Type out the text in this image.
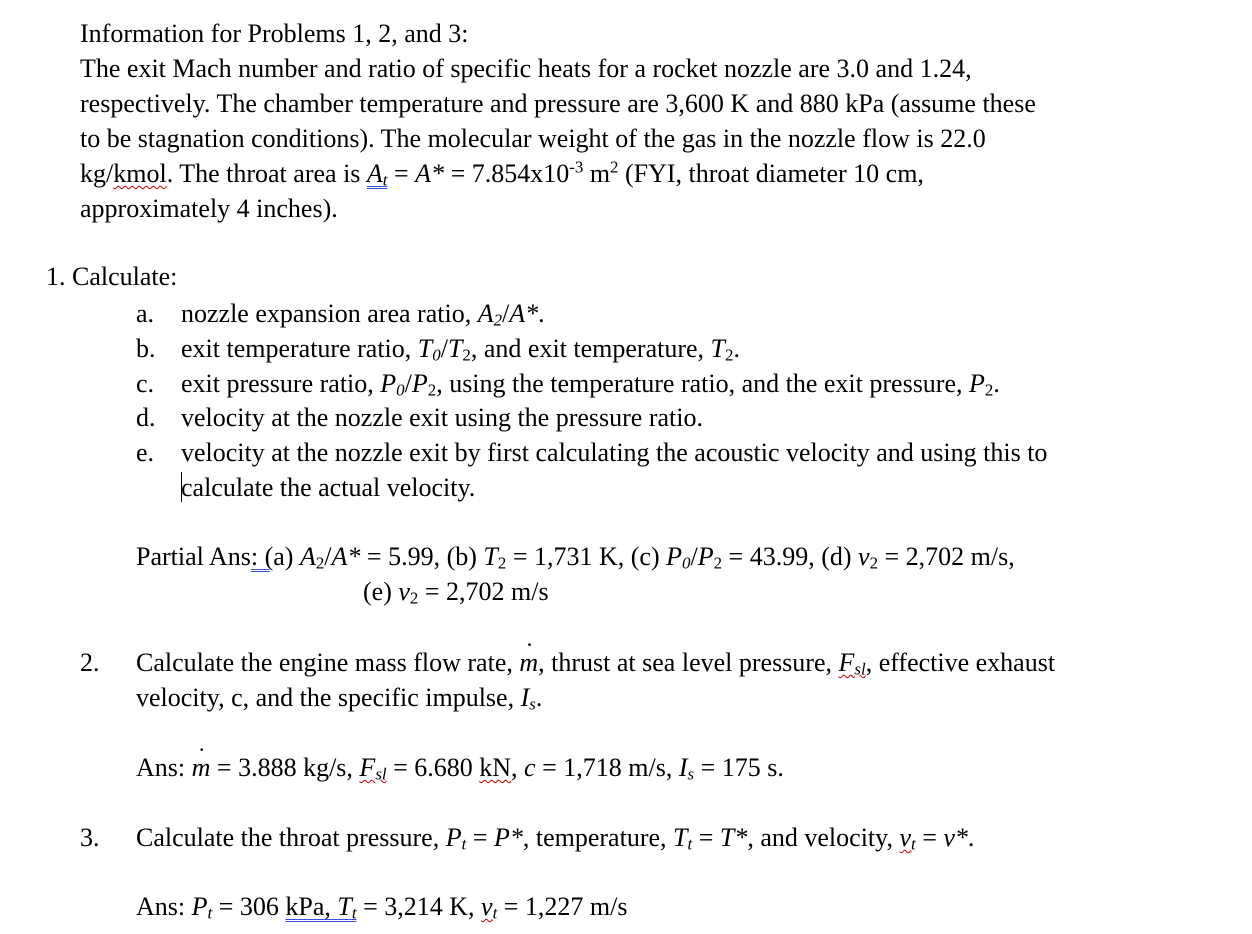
Information for Problems 1, 2, and 3:
The exit Mach number and ratio of specific heats for a rocket nozzle are 3.0 and 1.24,
respectively. The chamber temperature and pressure are 3,600 K and 880 kPa (assume these
to be stagnation conditions). The molecular weight of the gas in the nozzle flow is 22.0
kg/kmol. The throat area is $A_t = A* = 7.854x10^{-3}$ $m^2$ (FYI, throat diameter 10 cm,
approximately 4 inches).
1. Calculate:
a. nozzle expansion area ratio, $A_2/A*$.
b. exit temperature ratio, $T_0/T_2$, and exit temperature, $T_2$.
c. exit pressure ratio, $P_0/P_2$, using the temperature ratio, and the exit pressure, $P_2$.
d. velocity at the nozzle exit using the pressure ratio.
e. velocity at the nozzle exit by first calculating the acoustic velocity and using this to
calculate the actual velocity.
Partial Ans: (a) $A_2/A* = 5.99$, (b) $T_2 = 1,731$ K, (c) $P_0/P_2 = 43.99$, (d) $v_2 = 2,702$ m/s,
(e) $v_2 = 2,702$ m/s
2. Calculate the engine mass flow rate, m ˙, thrust at sea level pressure, $F_{sl}$, effective exhaust
velocity, c, and the specific impulse, $I_s$.
Ans: m ˙ = 3.888 kg/s, $F_{sl} = 6.680$ kN, c = 1,718 m/s, $I_s = 175$ s.
3. Calculate the throat pressure, $P_t = P*$, temperature, $T_t = T*$, and velocity, $v_t = v*$.
Ans: $P_t = 306$ kPa, $T_t = 3,214$ K, $v_t = 1,227$ m/s
